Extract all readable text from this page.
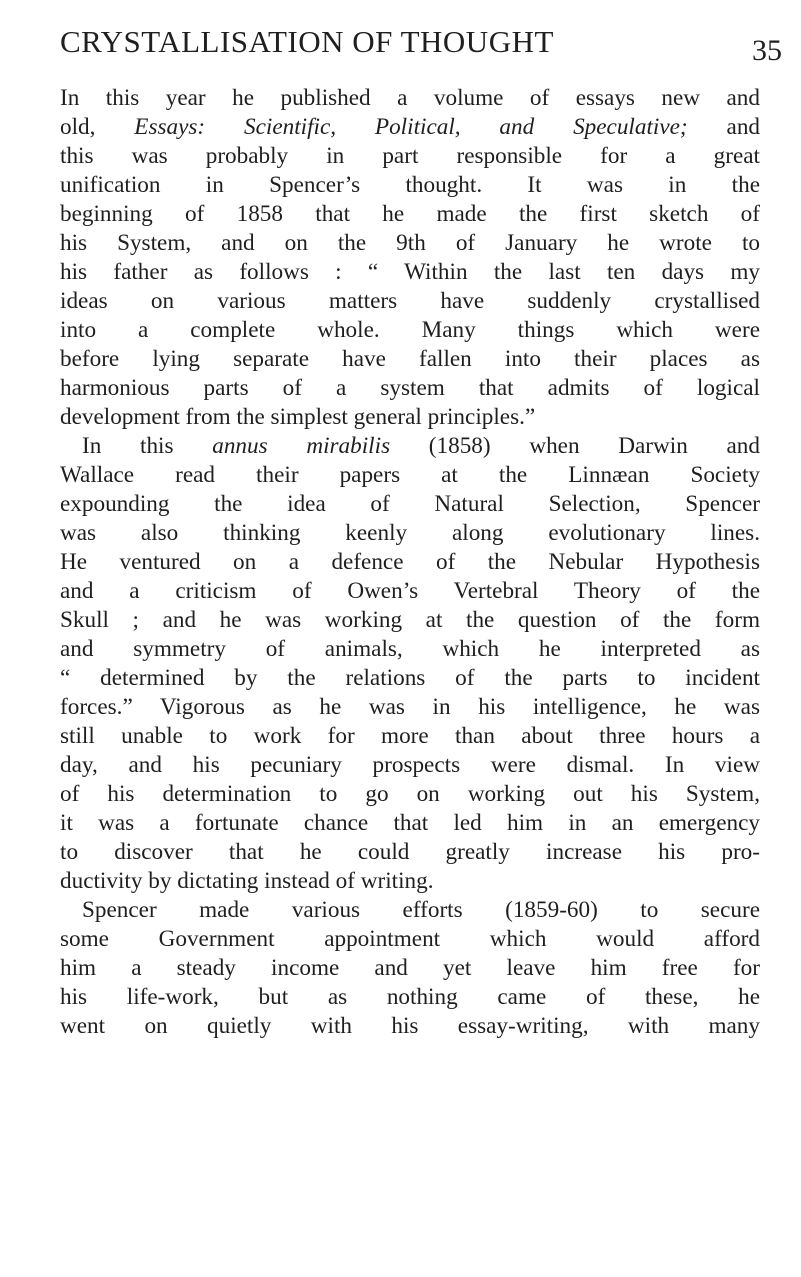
CRYSTALLISATION OF THOUGHT	35
In this year he published a volume of essays new and
old, Essays: Scientific, Political, and Speculative; and
this was probably in part responsible for a great
unification in Spencer’s thought. It was in the
beginning of 1858 that he made the first sketch of
his System, and on the 9th of January he wrote to
his father as follows : “ Within the last ten days my
ideas on various matters have suddenly crystallised
into a complete whole. Many things which were
before lying separate have fallen into their places as
harmonious parts of a system that admits of logical
development from the simplest general principles.”
In this annus mirabilis (1858) when Darwin and
Wallace read their papers at the Linnæan Society
expounding the idea of Natural Selection, Spencer
was also thinking keenly along evolutionary lines.
He ventured on a defence of the Nebular Hypothesis
and a criticism of Owen’s Vertebral Theory of the
Skull ; and he was working at the question of the form
and symmetry of animals, which he interpreted as
“ determined by the relations of the parts to incident
forces.” Vigorous as he was in his intelligence, he was
still unable to work for more than about three hours a
day, and his pecuniary prospects were dismal. In view
of his determination to go on working out his System,
it was a fortunate chance that led him in an emergency
to discover that he could greatly increase his pro-
ductivity by dictating instead of writing.
Spencer made various efforts (1859-60) to secure
some Government appointment which would afford
him a steady income and yet leave him free for
his life-work, but as nothing came of these, he
went on quietly with his essay-writing, with many
